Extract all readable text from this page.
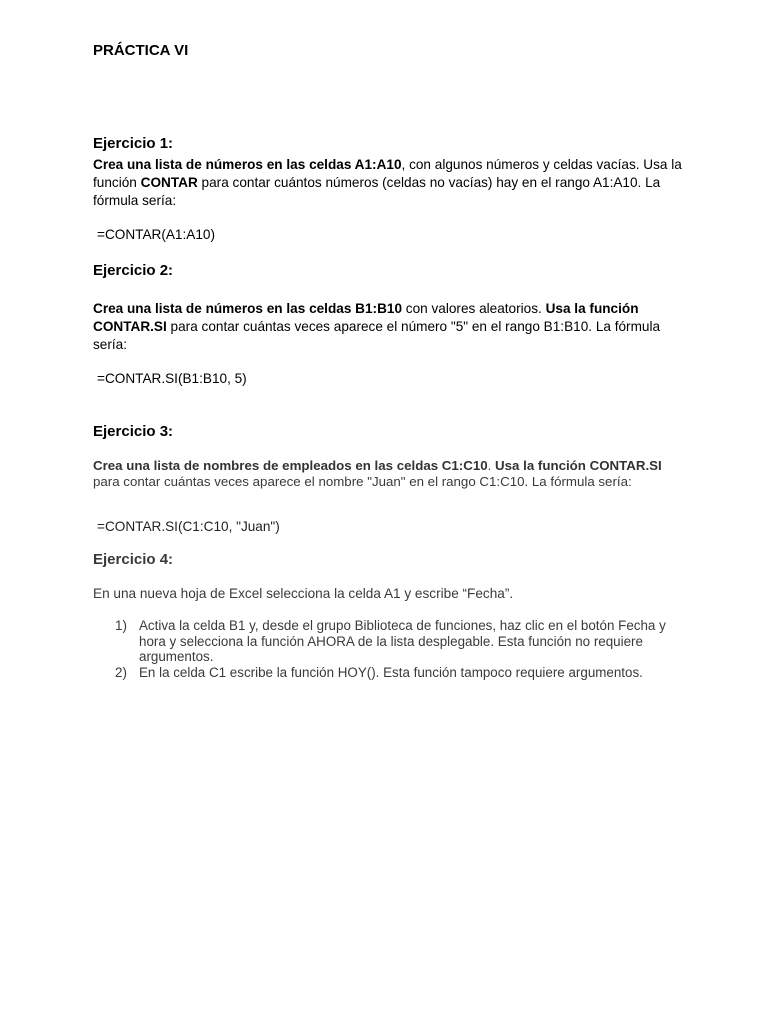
PRÁCTICA VI

Ejercicio 1:

Crea una lista de números en las celdas A1:A10, con algunos números y celdas vacías. Usa la función CONTAR para contar cuántos números (celdas no vacías) hay en el rango A1:A10. La fórmula sería:

=CONTAR(A1:A10)

Ejercicio 2:

Crea una lista de números en las celdas B1:B10 con valores aleatorios. Usa la función CONTAR.SI para contar cuántas veces aparece el número "5" en el rango B1:B10. La fórmula sería:

=CONTAR.SI(B1:B10, 5)

Ejercicio 3:

Crea una lista de nombres de empleados en las celdas C1:C10. Usa la función CONTAR.SI para contar cuántas veces aparece el nombre "Juan" en el rango C1:C10. La fórmula sería:

=CONTAR.SI(C1:C10, "Juan")

Ejercicio 4:

En una nueva hoja de Excel selecciona la celda A1 y escribe “Fecha”.

1) Activa la celda B1 y, desde el grupo Biblioteca de funciones, haz clic en el botón Fecha y hora y selecciona la función AHORA de la lista desplegable. Esta función no requiere argumentos.
2) En la celda C1 escribe la función HOY(). Esta función tampoco requiere argumentos.
